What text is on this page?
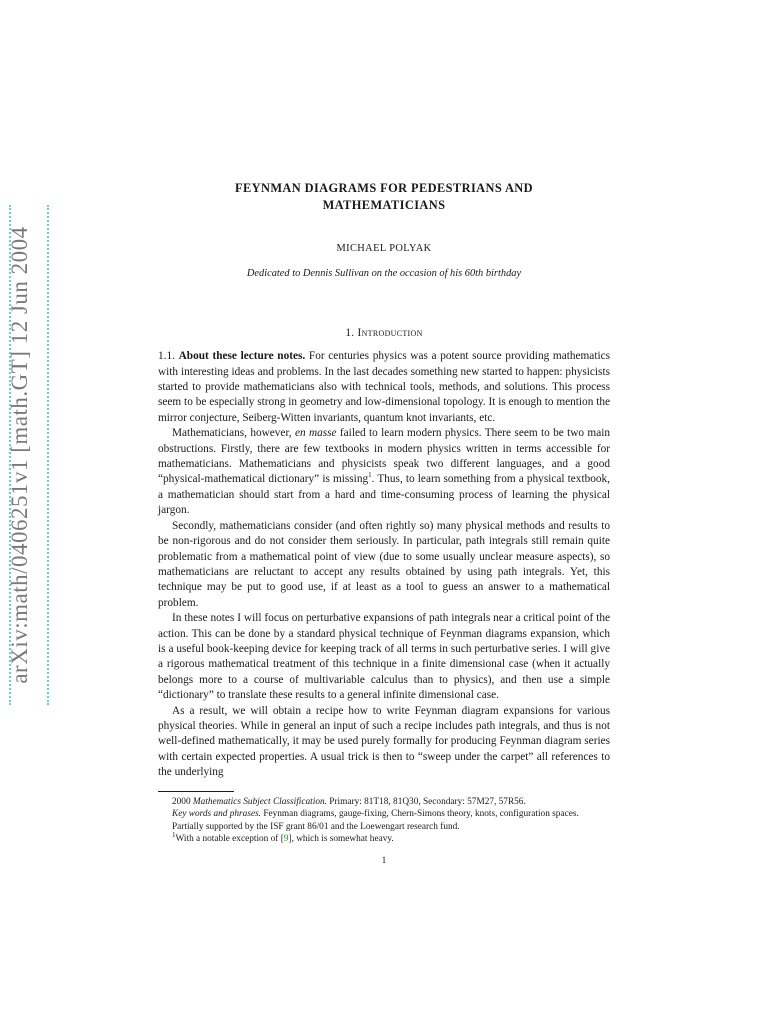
arXiv:math/0406251v1 [math.GT] 12 Jun 2004
FEYNMAN DIAGRAMS FOR PEDESTRIANS AND
MATHEMATICIANS
MICHAEL POLYAK
Dedicated to Dennis Sullivan on the occasion of his 60th birthday
1. Introduction

1.1. About these lecture notes. For centuries physics was a potent source providing mathematics with interesting ideas and problems. In the last decades something new started to happen: physicists started to provide mathematicians also with technical tools, methods, and solutions. This process seem to be especially strong in geometry and low-dimensional topology. It is enough to mention the mirror conjecture, Seiberg-Witten invariants, quantum knot invariants, etc.

Mathematicians, however, en masse failed to learn modern physics. There seem to be two main obstructions. Firstly, there are few textbooks in modern physics written in terms accessible for mathematicians. Mathematicians and physicists speak two different languages, and a good “physical-mathematical dictionary” is missing$^1$. Thus, to learn something from a physical textbook, a mathematician should start from a hard and time-consuming process of learning the physical jargon.

Secondly, mathematicians consider (and often rightly so) many physical methods and results to be non-rigorous and do not consider them seriously. In particular, path integrals still remain quite problematic from a mathematical point of view (due to some usually unclear measure aspects), so mathematicians are reluctant to accept any results obtained by using path integrals. Yet, this technique may be put to good use, if at least as a tool to guess an answer to a mathematical problem.

In these notes I will focus on perturbative expansions of path integrals near a critical point of the action. This can be done by a standard physical technique of Feynman diagrams expansion, which is a useful book-keeping device for keeping track of all terms in such perturbative series. I will give a rigorous mathematical treatment of this technique in a finite dimensional case (when it actually belongs more to a course of multivariable calculus than to physics), and then use a simple “dictionary” to translate these results to a general infinite dimensional case.

As a result, we will obtain a recipe how to write Feynman diagram expansions for various physical theories. While in general an input of such a recipe includes path integrals, and thus is not well-defined mathematically, it may be used purely formally for producing Feynman diagram series with certain expected properties. A usual trick is then to “sweep under the carpet” all references to the underlying

2000 Mathematics Subject Classification. Primary: 81T18, 81Q30, Secondary: 57M27, 57R56.

Key words and phrases. Feynman diagrams, gauge-fixing, Chern-Simons theory, knots, configuration spaces.

Partially supported by the ISF grant 86/01 and the Loewengart research fund.

$^1$With a notable exception of [9], which is somewhat heavy.

1
